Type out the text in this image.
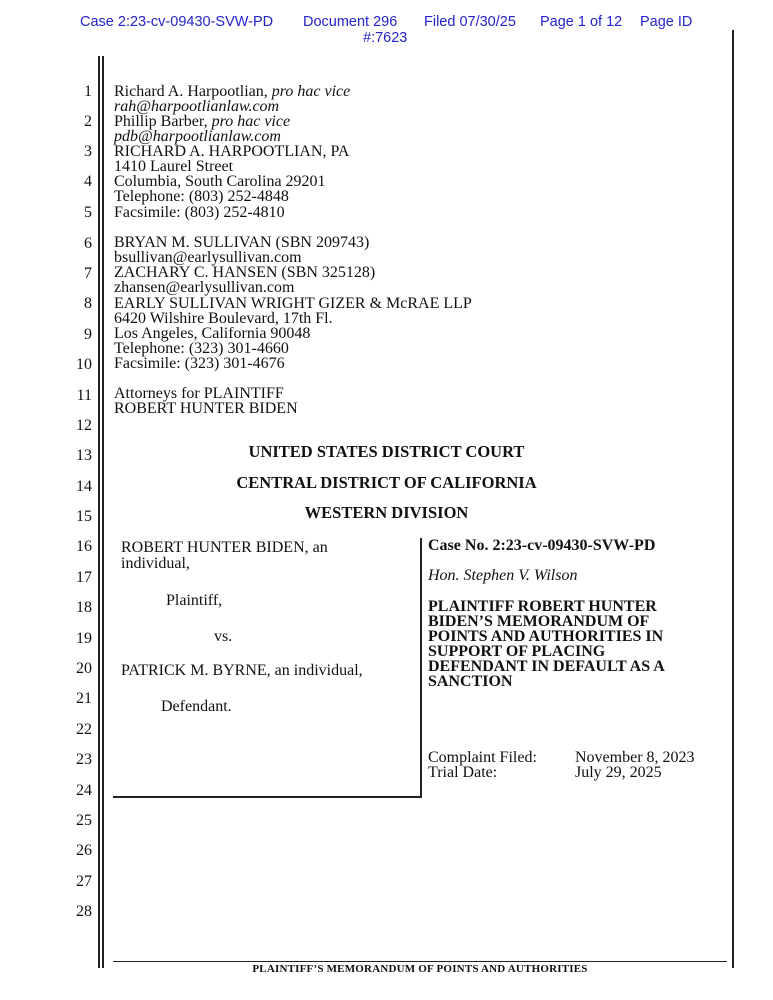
Case 2:23-cv-09430-SVW-PD Document 296 Filed 07/30/25 Page 1 of 12 Page ID
#:7623
1
2
3
4
5
6
7
8
9
10
11
12
13
14
15
16
17
18
19
20
21
22
23
24
25
26
27
28
Richard A. Harpootlian, pro hac vice
rah@harpootlianlaw.com
Phillip Barber, pro hac vice
pdb@harpootlianlaw.com
RICHARD A. HARPOOTLIAN, PA
1410 Laurel Street
Columbia, South Carolina 29201
Telephone: (803) 252-4848
Facsimile: (803) 252-4810
BRYAN M. SULLIVAN (SBN 209743)
bsullivan@earlysullivan.com
ZACHARY C. HANSEN (SBN 325128)
zhansen@earlysullivan.com
EARLY SULLIVAN WRIGHT GIZER & McRAE LLP
6420 Wilshire Boulevard, 17th Fl.
Los Angeles, California 90048
Telephone: (323) 301-4660
Facsimile: (323) 301-4676
Attorneys for PLAINTIFF
ROBERT HUNTER BIDEN
UNITED STATES DISTRICT COURT
CENTRAL DISTRICT OF CALIFORNIA
WESTERN DIVISION
ROBERT HUNTER BIDEN, an
individual,
Plaintiff,
vs.
PATRICK M. BYRNE, an individual,
Defendant.
Case No. 2:23-cv-09430-SVW-PD
Hon. Stephen V. Wilson
PLAINTIFF ROBERT HUNTER
BIDEN’S MEMORANDUM OF
POINTS AND AUTHORITIES IN
SUPPORT OF PLACING
DEFENDANT IN DEFAULT AS A
SANCTION
Complaint Filed: November 8, 2023
Trial Date:	July 29, 2025
PLAINTIFF’S MEMORANDUM OF POINTS AND AUTHORITIES
